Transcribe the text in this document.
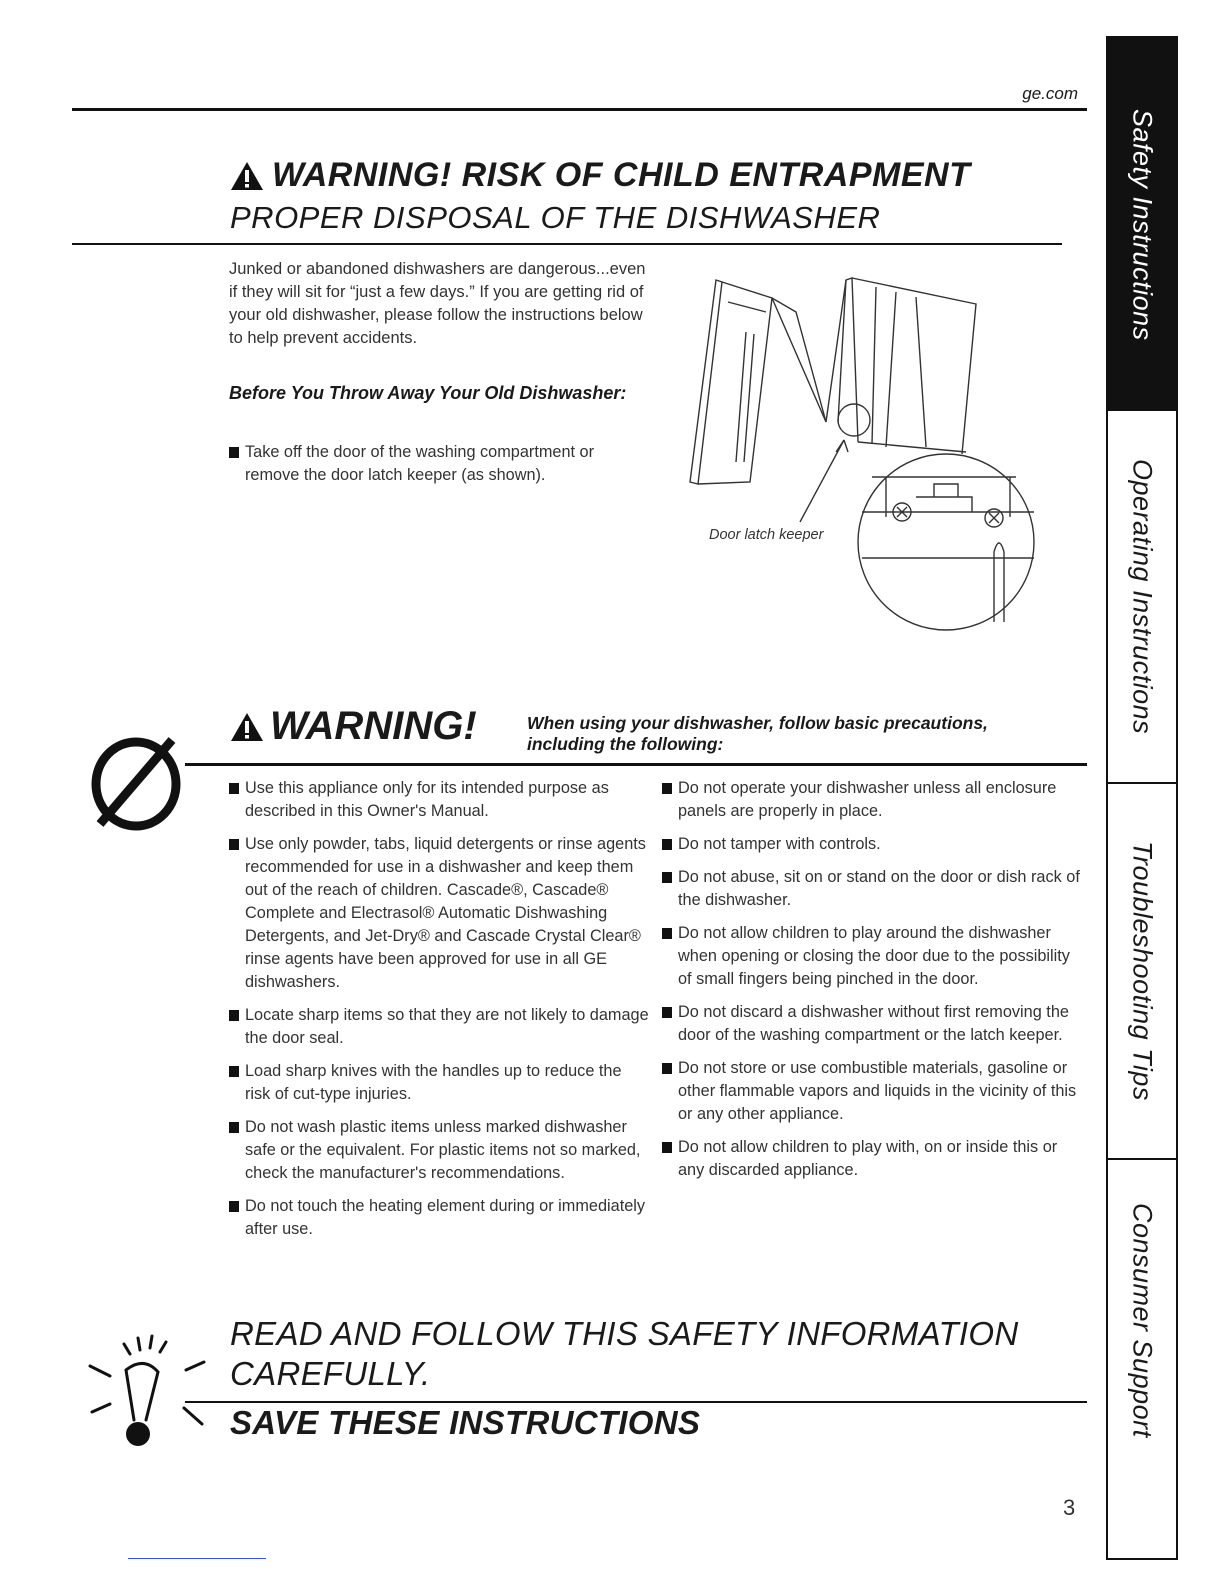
ge.com
WARNING! RISK OF CHILD ENTRAPMENT
PROPER DISPOSAL OF THE DISHWASHER
Junked or abandoned dishwashers are dangerous...even if they will sit for “just a few days.” If you are getting rid of your old dishwasher, please follow the instructions below to help prevent accidents.
Before You Throw Away Your Old Dishwasher:
Take off the door of the washing compartment or remove the door latch keeper (as shown).
Door latch keeper
WARNING!	When using your dishwasher, follow basic precautions, including the following:
Use this appliance only for its intended purpose as described in this Owner's Manual.
Use only powder, tabs, liquid detergents or rinse agents recommended for use in a dishwasher and keep them out of the reach of children. Cascade®, Cascade® Complete and Electrasol® Automatic Dishwashing Detergents, and Jet-Dry® and Cascade Crystal Clear® rinse agents have been approved for use in all GE dishwashers.
Locate sharp items so that they are not likely to damage the door seal.
Load sharp knives with the handles up to reduce the risk of cut-type injuries.
Do not wash plastic items unless marked dishwasher safe or the equivalent. For plastic items not so marked, check the manufacturer's recommendations.
Do not touch the heating element during or immediately after use.
Do not operate your dishwasher unless all enclosure panels are properly in place.
Do not tamper with controls.
Do not abuse, sit on or stand on the door or dish rack of the dishwasher.
Do not allow children to play around the dishwasher when opening or closing the door due to the possibility of small fingers being pinched in the door.
Do not discard a dishwasher without first removing the door of the washing compartment or the latch keeper.
Do not store or use combustible materials, gasoline or other flammable vapors and liquids in the vicinity of this or any other appliance.
Do not allow children to play with, on or inside this or any discarded appliance.
READ AND FOLLOW THIS SAFETY INFORMATION
CAREFULLY.
SAVE THESE INSTRUCTIONS
3
Safety Instructions
Operating Instructions
Troubleshooting Tips
Consumer Support
